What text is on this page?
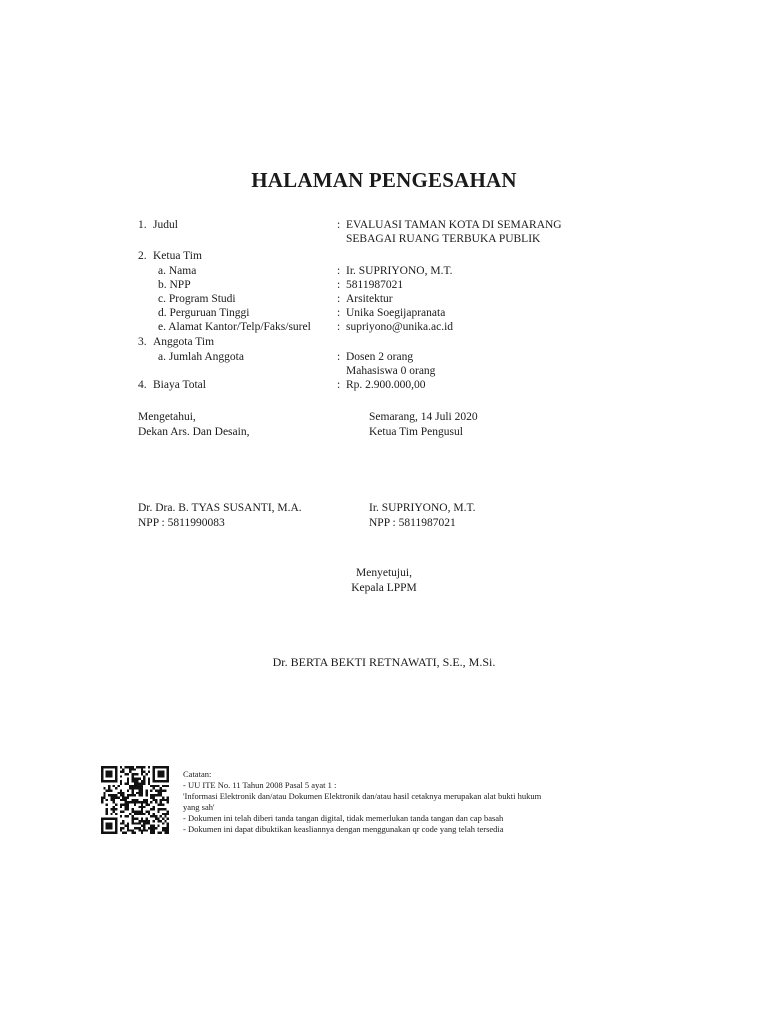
HALAMAN PENGESAHAN
1. Judul	: EVALUASI TAMAN KOTA DI SEMARANG
SEBAGAI RUANG TERBUKA PUBLIK
2. Ketua Tim
a. Nama	: Ir. SUPRIYONO, M.T.
b. NPP	: 5811987021
c. Program Studi	: Arsitektur
d. Perguruan Tinggi	: Unika Soegijapranata
e. Alamat Kantor/Telp/Faks/surel : supriyono@unika.ac.id
3. Anggota Tim
a. Jumlah Anggota	: Dosen 2 orang
Mahasiswa 0 orang
4. Biaya Total	: Rp. 2.900.000,00
Mengetahui,
Dekan Ars. Dan Desain,
Semarang, 14 Juli 2020
Ketua Tim Pengusul
Dr. Dra. B. TYAS SUSANTI, M.A.
NPP : 5811990083
Ir. SUPRIYONO, M.T.
NPP : 5811987021
Menyetujui,
Kepala LPPM
Dr. BERTA BEKTI RETNAWATI, S.E., M.Si.
Catatan:
- UU ITE No. 11 Tahun 2008 Pasal 5 ayat 1 :
'Informasi Elektronik dan/atau Dokumen Elektronik dan/atau hasil cetaknya merupakan alat bukti hukum
yang sah'
- Dokumen ini telah diberi tanda tangan digital, tidak memerlukan tanda tangan dan cap basah
- Dokumen ini dapat dibuktikan keasliannya dengan menggunakan qr code yang telah tersedia
